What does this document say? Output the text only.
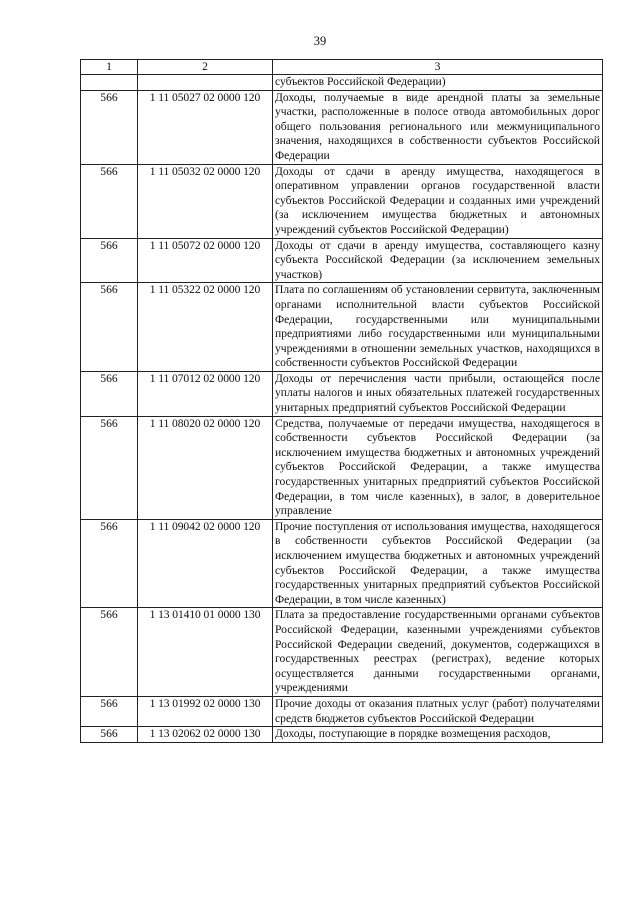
39
1	2	3
		субъектов Российской Федерации)
566	1 11 05027 02 0000 120	Доходы, получаемые в виде арендной платы за земельные участки, расположенные в полосе отвода автомобильных дорог общего пользования регионального или межмуниципального значения, находящихся в собственности субъектов Российской Федерации
566	1 11 05032 02 0000 120	Доходы от сдачи в аренду имущества, находящегося в оперативном управлении органов государственной власти субъектов Российской Федерации и созданных ими учреждений (за исключением имущества бюджетных и автономных учреждений субъектов Российской Федерации)
566	1 11 05072 02 0000 120	Доходы от сдачи в аренду имущества, составляющего казну субъекта Российской Федерации (за исключением земельных участков)
566	1 11 05322 02 0000 120	Плата по соглашениям об установлении сервитута, заключенным органами исполнительной власти субъектов Российской Федерации, государственными или муниципальными предприятиями либо государственными или муниципальными учреждениями в отношении земельных участков, находящихся в собственности субъектов Российской Федерации
566	1 11 07012 02 0000 120	Доходы от перечисления части прибыли, остающейся после уплаты налогов и иных обязательных платежей государственных унитарных предприятий субъектов Российской Федерации
566	1 11 08020 02 0000 120	Средства, получаемые от передачи имущества, находящегося в собственности субъектов Российской Федерации (за исключением имущества бюджетных и автономных учреждений субъектов Российской Федерации, а также имущества государственных унитарных предприятий субъектов Российской Федерации, в том числе казенных), в залог, в доверительное управление
566	1 11 09042 02 0000 120	Прочие поступления от использования имущества, находящегося в собственности субъектов Российской Федерации (за исключением имущества бюджетных и автономных учреждений субъектов Российской Федерации, а также имущества государственных унитарных предприятий субъектов Российской Федерации, в том числе казенных)
566	1 13 01410 01 0000 130	Плата за предоставление государственными органами субъектов Российской Федерации, казенными учреждениями субъектов Российской Федерации сведений, документов, содержащихся в государственных реестрах (регистрах), ведение которых осуществляется данными государственными органами, учреждениями
566	1 13 01992 02 0000 130	Прочие доходы от оказания платных услуг (работ) получателями средств бюджетов субъектов Российской Федерации
566	1 13 02062 02 0000 130	Доходы, поступающие в порядке возмещения расходов,
